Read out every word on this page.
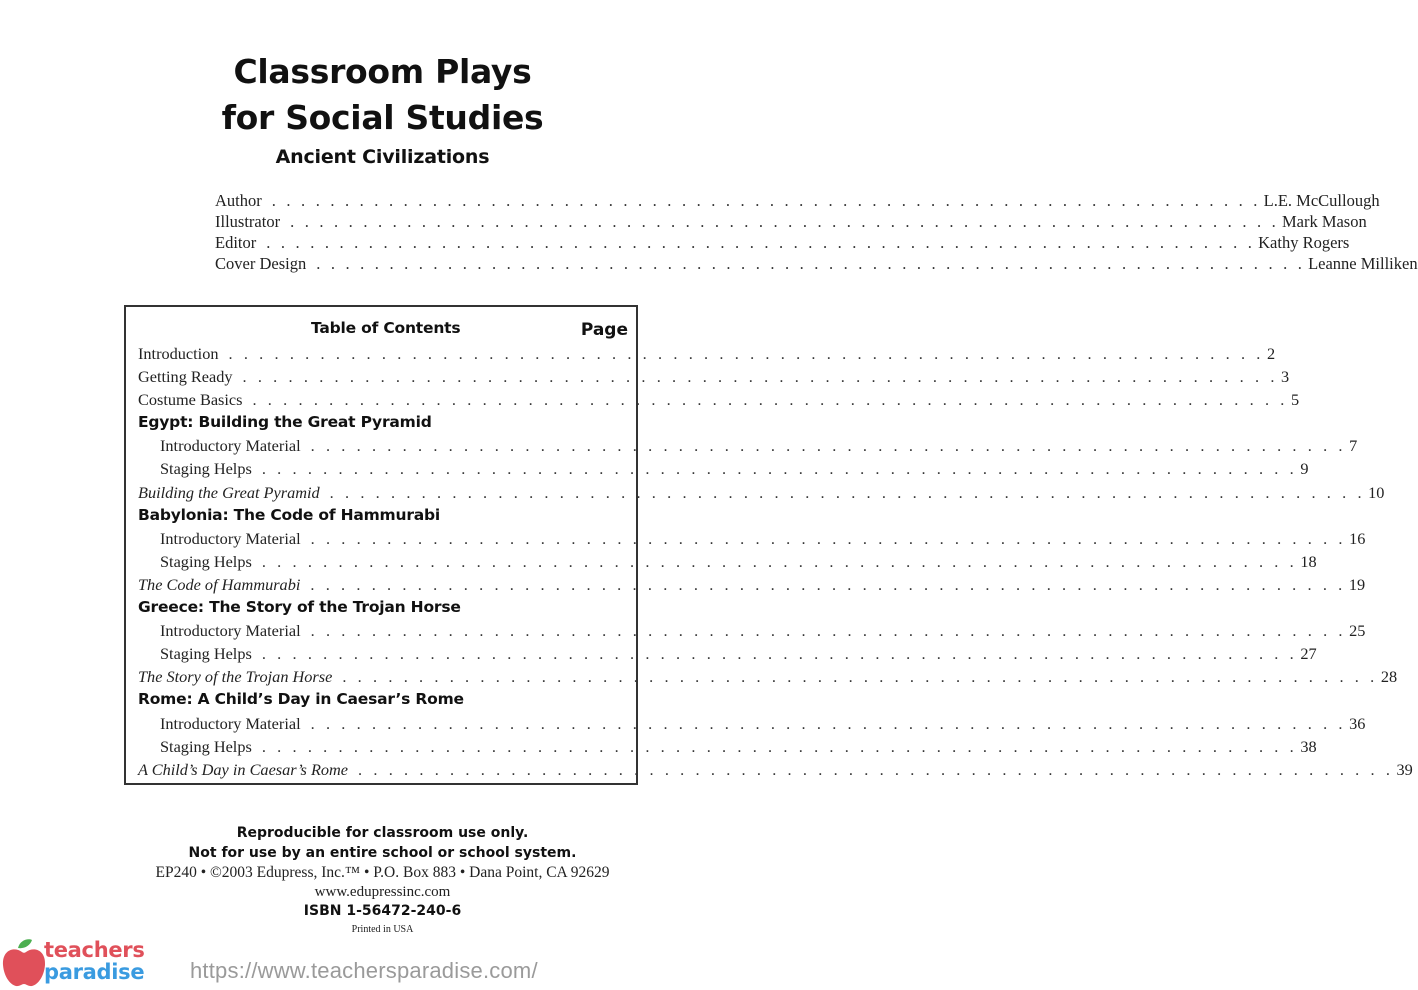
Classroom Plays
for Social Studies
Ancient Civilizations
Author . . . . . . . . . . . . . . . . . . . . . . . . . . . . . . . . . . . . . . . . . . . . . . . . . . . . . . . . . . . . . . . . . . . . L.E. McCullough
Illustrator . . . . . . . . . . . . . . . . . . . . . . . . . . . . . . . . . . . . . . . . . . . . . . . . . . . . . . . . . . . . . . . . . . . . Mark Mason
Editor . . . . . . . . . . . . . . . . . . . . . . . . . . . . . . . . . . . . . . . . . . . . . . . . . . . . . . . . . . . . . . . . . . . . Kathy Rogers
Cover Design . . . . . . . . . . . . . . . . . . . . . . . . . . . . . . . . . . . . . . . . . . . . . . . . . . . . . . . . . . . . . . . . . . . . Leanne Milliken
Table of Contents	Page
Introduction . . . . . . . . . . . . . . . . . . . . . . . . . . . . . . . . . . . . . . . . . . . . . . . . . . . . . . . . . . . . . . . . . . . . 2
Getting Ready . . . . . . . . . . . . . . . . . . . . . . . . . . . . . . . . . . . . . . . . . . . . . . . . . . . . . . . . . . . . . . . . . . . . 3
Costume Basics . . . . . . . . . . . . . . . . . . . . . . . . . . . . . . . . . . . . . . . . . . . . . . . . . . . . . . . . . . . . . . . . . . . . 5
Egypt: Building the Great Pyramid
Introductory Material . . . . . . . . . . . . . . . . . . . . . . . . . . . . . . . . . . . . . . . . . . . . . . . . . . . . . . . . . . . . . . . . . . . . 7
Staging Helps . . . . . . . . . . . . . . . . . . . . . . . . . . . . . . . . . . . . . . . . . . . . . . . . . . . . . . . . . . . . . . . . . . . . 9
Building the Great Pyramid . . . . . . . . . . . . . . . . . . . . . . . . . . . . . . . . . . . . . . . . . . . . . . . . . . . . . . . . . . . . . . . . . . . . 10
Babylonia: The Code of Hammurabi
Introductory Material . . . . . . . . . . . . . . . . . . . . . . . . . . . . . . . . . . . . . . . . . . . . . . . . . . . . . . . . . . . . . . . . . . . . 16
Staging Helps . . . . . . . . . . . . . . . . . . . . . . . . . . . . . . . . . . . . . . . . . . . . . . . . . . . . . . . . . . . . . . . . . . . . 18
The Code of Hammurabi . . . . . . . . . . . . . . . . . . . . . . . . . . . . . . . . . . . . . . . . . . . . . . . . . . . . . . . . . . . . . . . . . . . . 19
Greece: The Story of the Trojan Horse
Introductory Material . . . . . . . . . . . . . . . . . . . . . . . . . . . . . . . . . . . . . . . . . . . . . . . . . . . . . . . . . . . . . . . . . . . . 25
Staging Helps . . . . . . . . . . . . . . . . . . . . . . . . . . . . . . . . . . . . . . . . . . . . . . . . . . . . . . . . . . . . . . . . . . . . 27
The Story of the Trojan Horse . . . . . . . . . . . . . . . . . . . . . . . . . . . . . . . . . . . . . . . . . . . . . . . . . . . . . . . . . . . . . . . . . . . . 28
Rome: A Child’s Day in Caesar’s Rome
Introductory Material . . . . . . . . . . . . . . . . . . . . . . . . . . . . . . . . . . . . . . . . . . . . . . . . . . . . . . . . . . . . . . . . . . . . 36
Staging Helps . . . . . . . . . . . . . . . . . . . . . . . . . . . . . . . . . . . . . . . . . . . . . . . . . . . . . . . . . . . . . . . . . . . . 38
A Child’s Day in Caesar’s Rome . . . . . . . . . . . . . . . . . . . . . . . . . . . . . . . . . . . . . . . . . . . . . . . . . . . . . . . . . . . . . . . . . . . . 39
Reproducible for classroom use only.
Not for use by an entire school or school system.
EP240 • ©2003 Edupress, Inc.™ • P.O. Box 883 • Dana Point, CA 92629
www.edupressinc.com
ISBN 1-56472-240-6
Printed in USA
teachers
paradise https://www.teachersparadise.com/
